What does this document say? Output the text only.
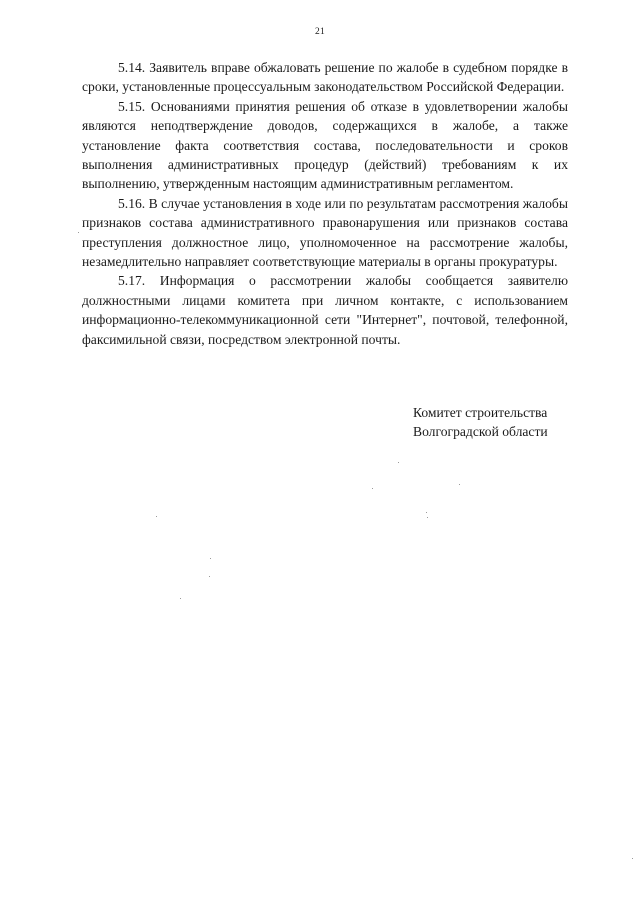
21

5.14. Заявитель вправе обжаловать решение по жалобе в судебном порядке в сроки, установленные процессуальным законодательством Российской Федерации.

5.15. Основаниями принятия решения об отказе в удовлетворении жалобы являются неподтверждение доводов, содержащихся в жалобе, а также установление факта соответствия состава, последовательности и сроков выполнения административных процедур (действий) требованиям к их выполнению, утвержденным настоящим административным регламентом.

5.16. В случае установления в ходе или по результатам рассмотрения жалобы признаков состава административного правонарушения или признаков состава преступления должностное лицо, уполномоченное на рассмотрение жалобы, незамедлительно направляет соответствующие материалы в органы прокуратуры.

5.17. Информация о рассмотрении жалобы сообщается заявителю должностными лицами комитета при личном контакте, с использованием информационно-телекоммуникационной сети "Интернет", почтовой, телефонной, факсимильной связи, посредством электронной почты.

Комитет строительства
Волгоградской области
